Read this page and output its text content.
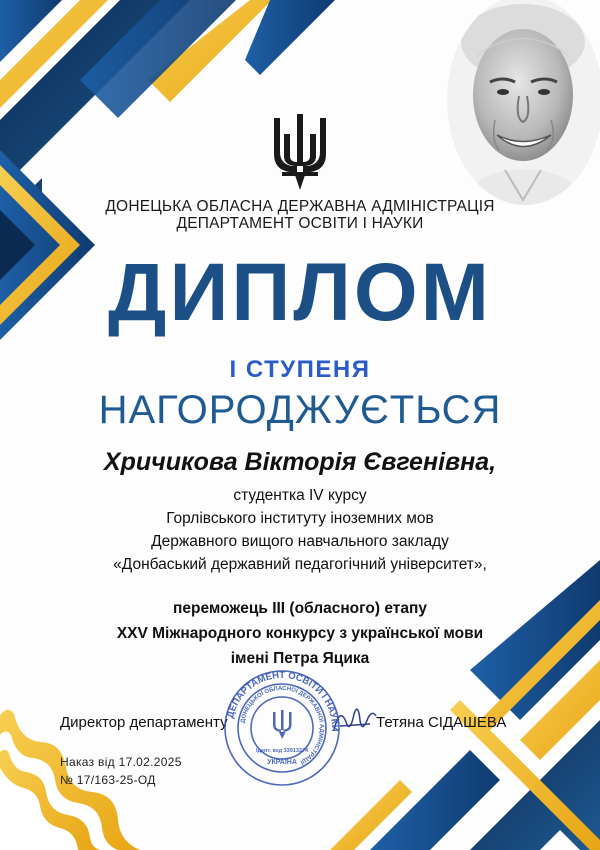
ДОНЕЦЬКА ОБЛАСНА ДЕРЖАВНА АДМІНІСТРАЦІЯ
ДЕПАРТАМЕНТ ОСВІТИ І НАУКИ
ДИПЛОМ
І СТУПЕНЯ
НАГОРОДЖУЄТЬСЯ
Хричикова Вікторія Євгенівна,
студентка IV курсу
Горлівського інституту іноземних мов
Державного вищого навчального закладу
«Донбаський державний педагогічний університет»,
переможець III (обласного) етапу
XXV Міжнародного конкурсу з української мови
імені Петра Яцика
Директор департаменту	Тетяна СІДАШЕВА
ДЕПАРТАМЕНТ ОСВІТИ І НАУКИ
ДОНЕЦЬКОЇ ОБЛАСНОЇ ДЕРЖАВНОЇ АДМІНІСТРАЦІЇ
Ідент. код 33913374
УКРАЇНА
Наказ від 17.02.2025
№ 17/163-25-ОД
